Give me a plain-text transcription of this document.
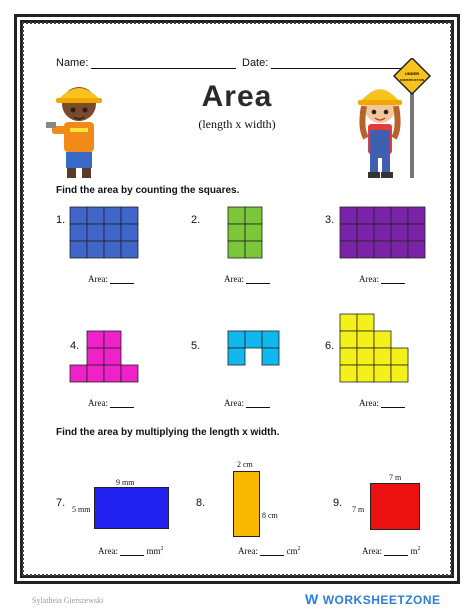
Name:	Date:
UNDER
CONSTRUCTION
Area
(length x width)
Find the area by counting the squares.
1.
Area:
2.
Area:
3.
Area:
4.
Area:
5.
Area:
6.
Area:
Find the area by multiplying the length x width.
7.
9 mm
5 mm
Area:	$mm^2$
8.
2 cm
8 cm
Area:	$cm^2$
9.
7 m
7 m
Area:	$m^2$
Sylatheia Gierszewski	W WORKSHEETZONE
